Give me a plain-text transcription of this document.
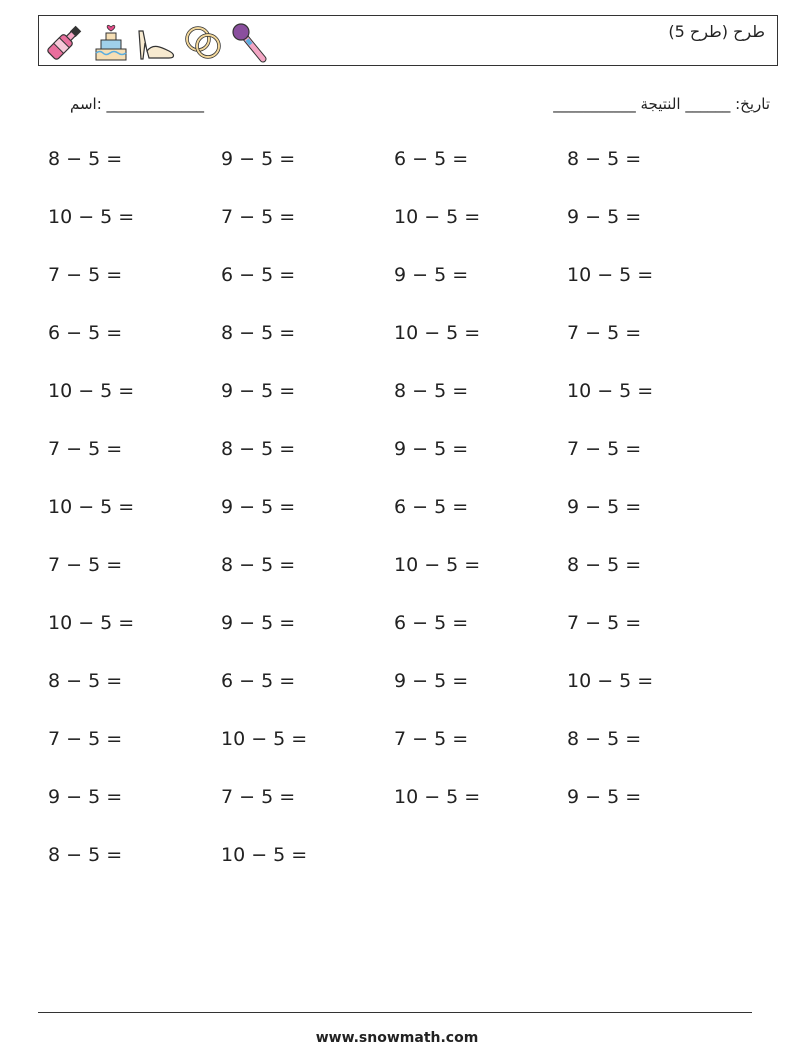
طرح (طرح 5)
اسم: _____________	تاريخ: ______ النتيجة ___________
8 − 5 =	9 − 5 =	6 − 5 =	8 − 5 =
10 − 5 =	7 − 5 =	10 − 5 =	9 − 5 =
7 − 5 =	6 − 5 =	9 − 5 =	10 − 5 =
6 − 5 =	8 − 5 =	10 − 5 =	7 − 5 =
10 − 5 =	9 − 5 =	8 − 5 =	10 − 5 =
7 − 5 =	8 − 5 =	9 − 5 =	7 − 5 =
10 − 5 =	9 − 5 =	6 − 5 =	9 − 5 =
7 − 5 =	8 − 5 =	10 − 5 =	8 − 5 =
10 − 5 =	9 − 5 =	6 − 5 =	7 − 5 =
8 − 5 =	6 − 5 =	9 − 5 =	10 − 5 =
7 − 5 =	10 − 5 =	7 − 5 =	8 − 5 =
9 − 5 =	7 − 5 =	10 − 5 =	9 − 5 =
8 − 5 =	10 − 5 =
www.snowmath.com
